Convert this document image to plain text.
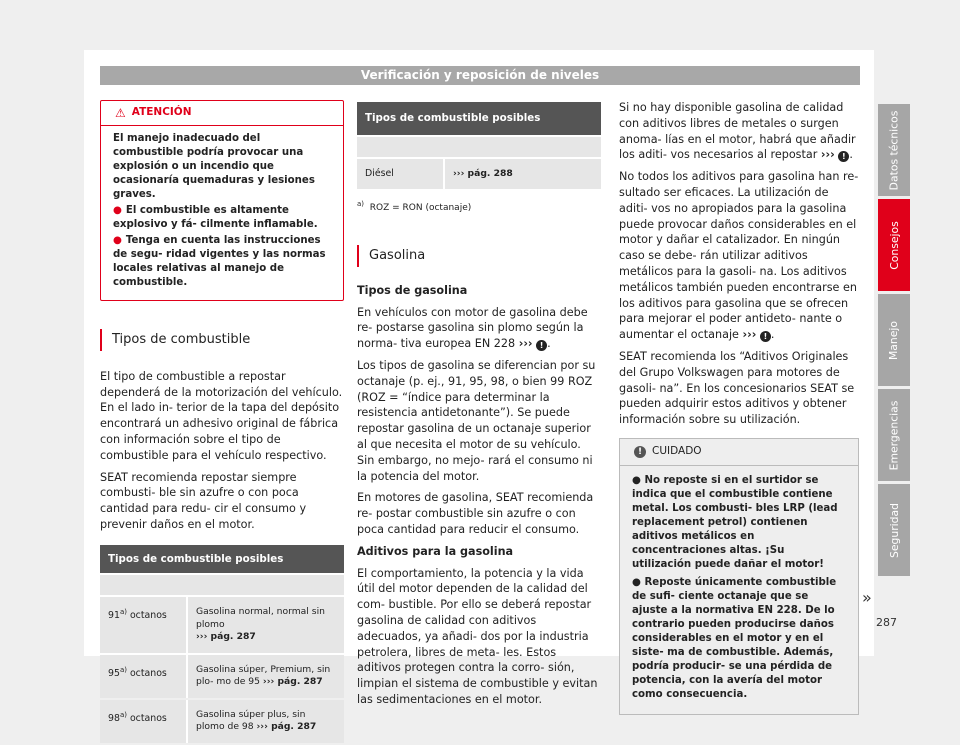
Verificación y reposición de niveles
⚠ ATENCIÓN

El manejo inadecuado del combustible podría provocar una explosión o un incendio que ocasionaría quemaduras y lesiones graves.

● El combustible es altamente explosivo y fá- cilmente inflamable.

● Tenga en cuenta las instrucciones de segu- ridad vigentes y las normas locales relativas al manejo de combustible.

Tipos de combustible

El tipo de combustible a repostar dependerá de la motorización del vehículo. En el lado in- terior de la tapa del depósito encontrará un adhesivo original de fábrica con información sobre el tipo de combustible para el vehículo respectivo.

SEAT recomienda repostar siempre combusti- ble sin azufre o con poca cantidad para redu- cir el consumo y prevenir daños en el motor.

Tipos de combustible posibles	

91$^{a)}$ octanos	Gasolina normal, normal sin plomo
››› pág. 287
95$^{a)}$ octanos	Gasolina súper, Premium, sin plo- mo de 95 ››› pág. 287
98$^{a)}$ octanos	Gasolina súper plus, sin plomo de 98 ››› pág. 287
Tipos de combustible posibles

Diésel	››› pág. 288
$^{a)}$ ROZ = RON (octanaje)
Gasolina

Tipos de gasolina

En vehículos con motor de gasolina debe re- postarse gasolina sin plomo según la norma- tiva europea EN 228 ››› ! .

Los tipos de gasolina se diferencian por su octanaje (p. ej., 91, 95, 98, o bien 99 ROZ (ROZ = “índice para determinar la resistencia antidetonante”). Se puede repostar gasolina de un octanaje superior al que necesita el motor de su vehículo. Sin embargo, no mejo- rará el consumo ni la potencia del motor.

En motores de gasolina, SEAT recomienda re- postar combustible sin azufre o con poca cantidad para reducir el consumo.

Aditivos para la gasolina

El comportamiento, la potencia y la vida útil del motor dependen de la calidad del com- bustible. Por ello se deberá repostar gasolina de calidad con aditivos adecuados, ya añadi- dos por la industria petrolera, libres de meta- les. Estos aditivos protegen contra la corro- sión, limpian el sistema de combustible y evitan las sedimentaciones en el motor.

Si no hay disponible gasolina de calidad con aditivos libres de metales o surgen anoma- lías en el motor, habrá que añadir los aditi- vos necesarios al repostar ››› ! .

No todos los aditivos para gasolina han re- sultado ser eficaces. La utilización de aditi- vos no apropiados para la gasolina puede provocar daños considerables en el motor y dañar el catalizador. En ningún caso se debe- rán utilizar aditivos metálicos para la gasoli- na. Los aditivos metálicos también pueden encontrarse en los aditivos para gasolina que se ofrecen para mejorar el poder antideto- nante o aumentar el octanaje ››› ! .

SEAT recomienda los “Aditivos Originales del Grupo Volkswagen para motores de gasoli- na”. En los concesionarios SEAT se pueden adquirir estos aditivos y obtener información sobre su utilización.

! CUIDADO

● No reposte si en el surtidor se indica que el combustible contiene metal. Los combusti- bles LRP (lead replacement petrol) contienen aditivos metálicos en concentraciones altas. ¡Su utilización puede dañar el motor!

● Reposte únicamente combustible de sufi- ciente octanaje que se ajuste a la normativa EN 228. De lo contrario pueden producirse daños considerables en el motor y en el siste- ma de combustible. Además, podría producir- se una pérdida de potencia, con la avería del motor como consecuencia.

»
Datos técnicos
Consejos
Manejo
Emergencias
Seguridad
287
